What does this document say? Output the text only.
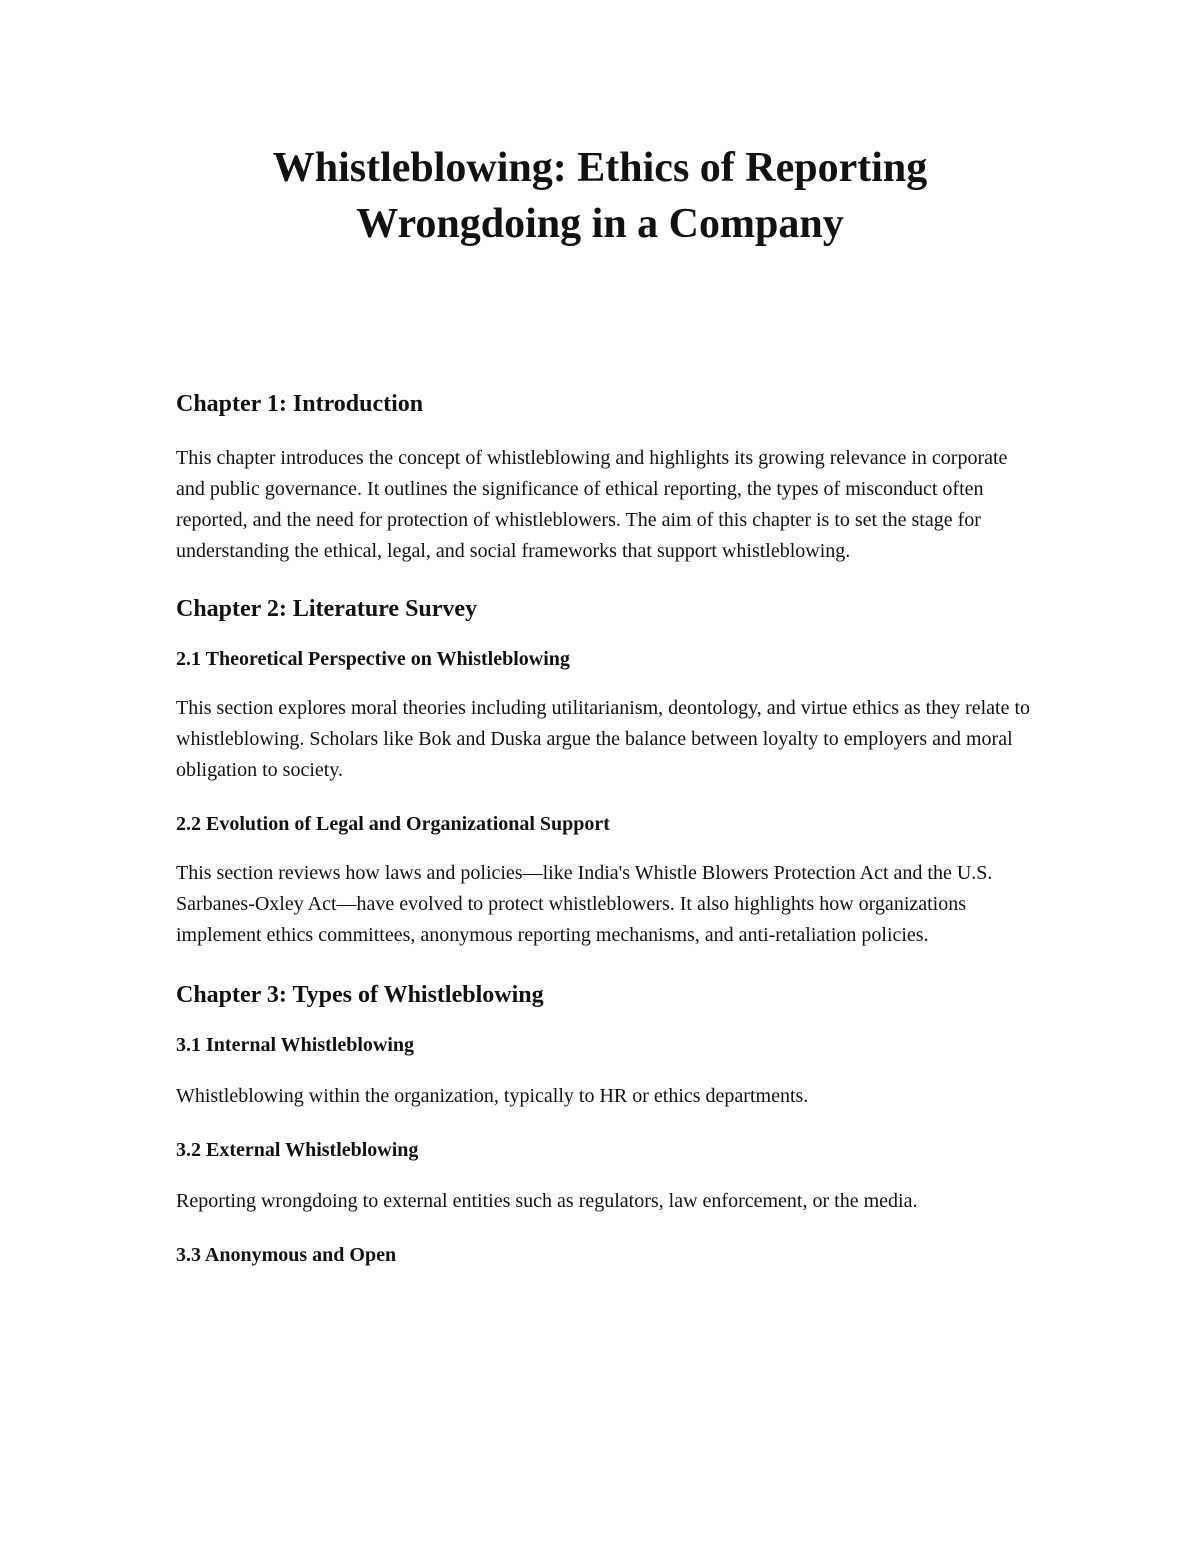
Whistleblowing: Ethics of Reporting
Wrongdoing in a Company
Chapter 1: Introduction

This chapter introduces the concept of whistleblowing and highlights its growing relevance in corporate and public governance. It outlines the significance of ethical reporting, the types of misconduct often reported, and the need for protection of whistleblowers. The aim of this chapter is to set the stage for understanding the ethical, legal, and social frameworks that support whistleblowing.

Chapter 2: Literature Survey
2.1 Theoretical Perspective on Whistleblowing

This section explores moral theories including utilitarianism, deontology, and virtue ethics as they relate to whistleblowing. Scholars like Bok and Duska argue the balance between loyalty to employers and moral obligation to society.

2.2 Evolution of Legal and Organizational Support

This section reviews how laws and policies—like India's Whistle Blowers Protection Act and the U.S. Sarbanes-Oxley Act—have evolved to protect whistleblowers. It also highlights how organizations implement ethics committees, anonymous reporting mechanisms, and anti-retaliation policies.

Chapter 3: Types of Whistleblowing
3.1 Internal Whistleblowing

Whistleblowing within the organization, typically to HR or ethics departments.

3.2 External Whistleblowing

Reporting wrongdoing to external entities such as regulators, law enforcement, or the media.

3.3 Anonymous and Open
